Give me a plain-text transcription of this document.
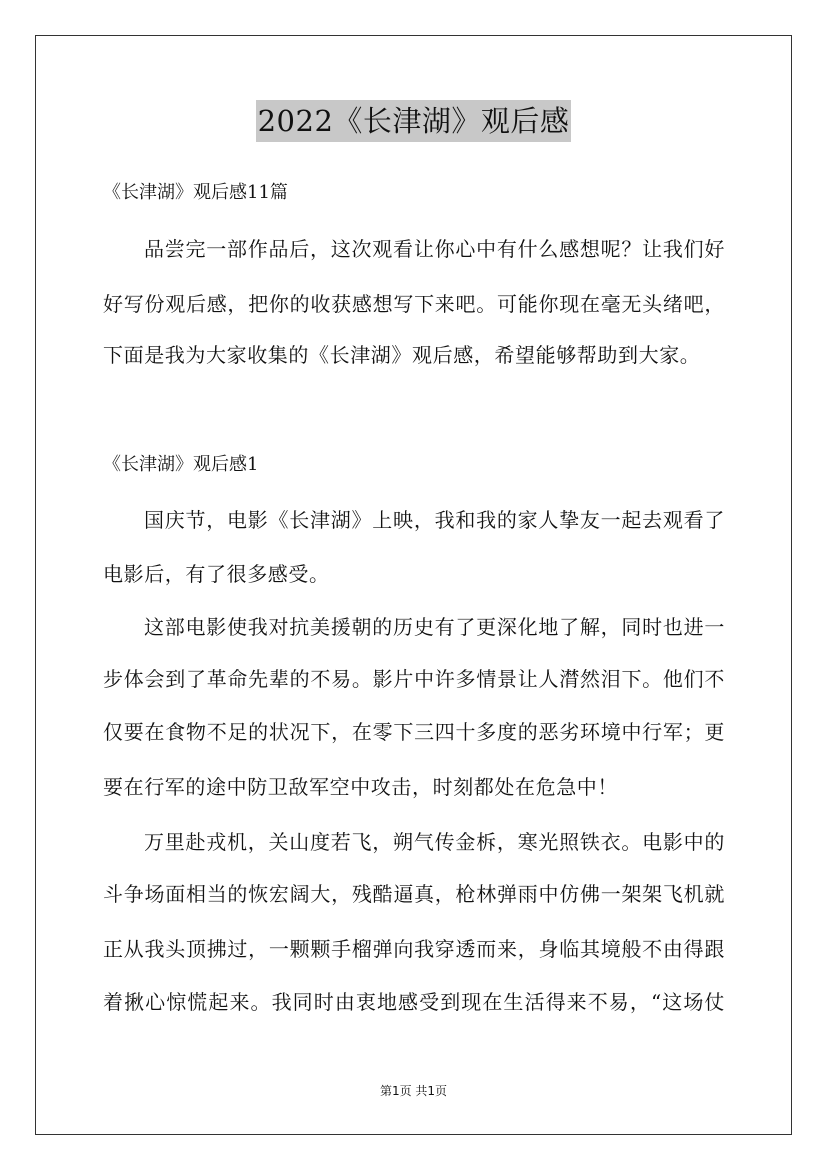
2022《长津湖》观后感
《长津湖》观后感11篇
品尝完一部作品后，这次观看让你心中有什么感想呢？让我们好
好写份观后感，把你的收获感想写下来吧。可能你现在毫无头绪吧，
下面是我为大家收集的《长津湖》观后感，希望能够帮助到大家。
《长津湖》观后感1
国庆节，电影《长津湖》上映，我和我的家人挚友一起去观看了
电影后，有了很多感受。
这部电影使我对抗美援朝的历史有了更深化地了解，同时也进一
步体会到了革命先辈的不易。影片中许多情景让人潸然泪下。他们不
仅要在食物不足的状况下，在零下三四十多度的恶劣环境中行军；更
要在行军的途中防卫敌军空中攻击，时刻都处在危急中！
万里赴戎机，关山度若飞，朔气传金柝，寒光照铁衣。电影中的
斗争场面相当的恢宏阔大，残酷逼真，枪林弹雨中仿佛一架架飞机就
正从我头顶拂过，一颗颗手榴弹向我穿透而来，身临其境般不由得跟
着揪心惊慌起来。我同时由衷地感受到现在生活得来不易，“这场仗
第1页 共1页
